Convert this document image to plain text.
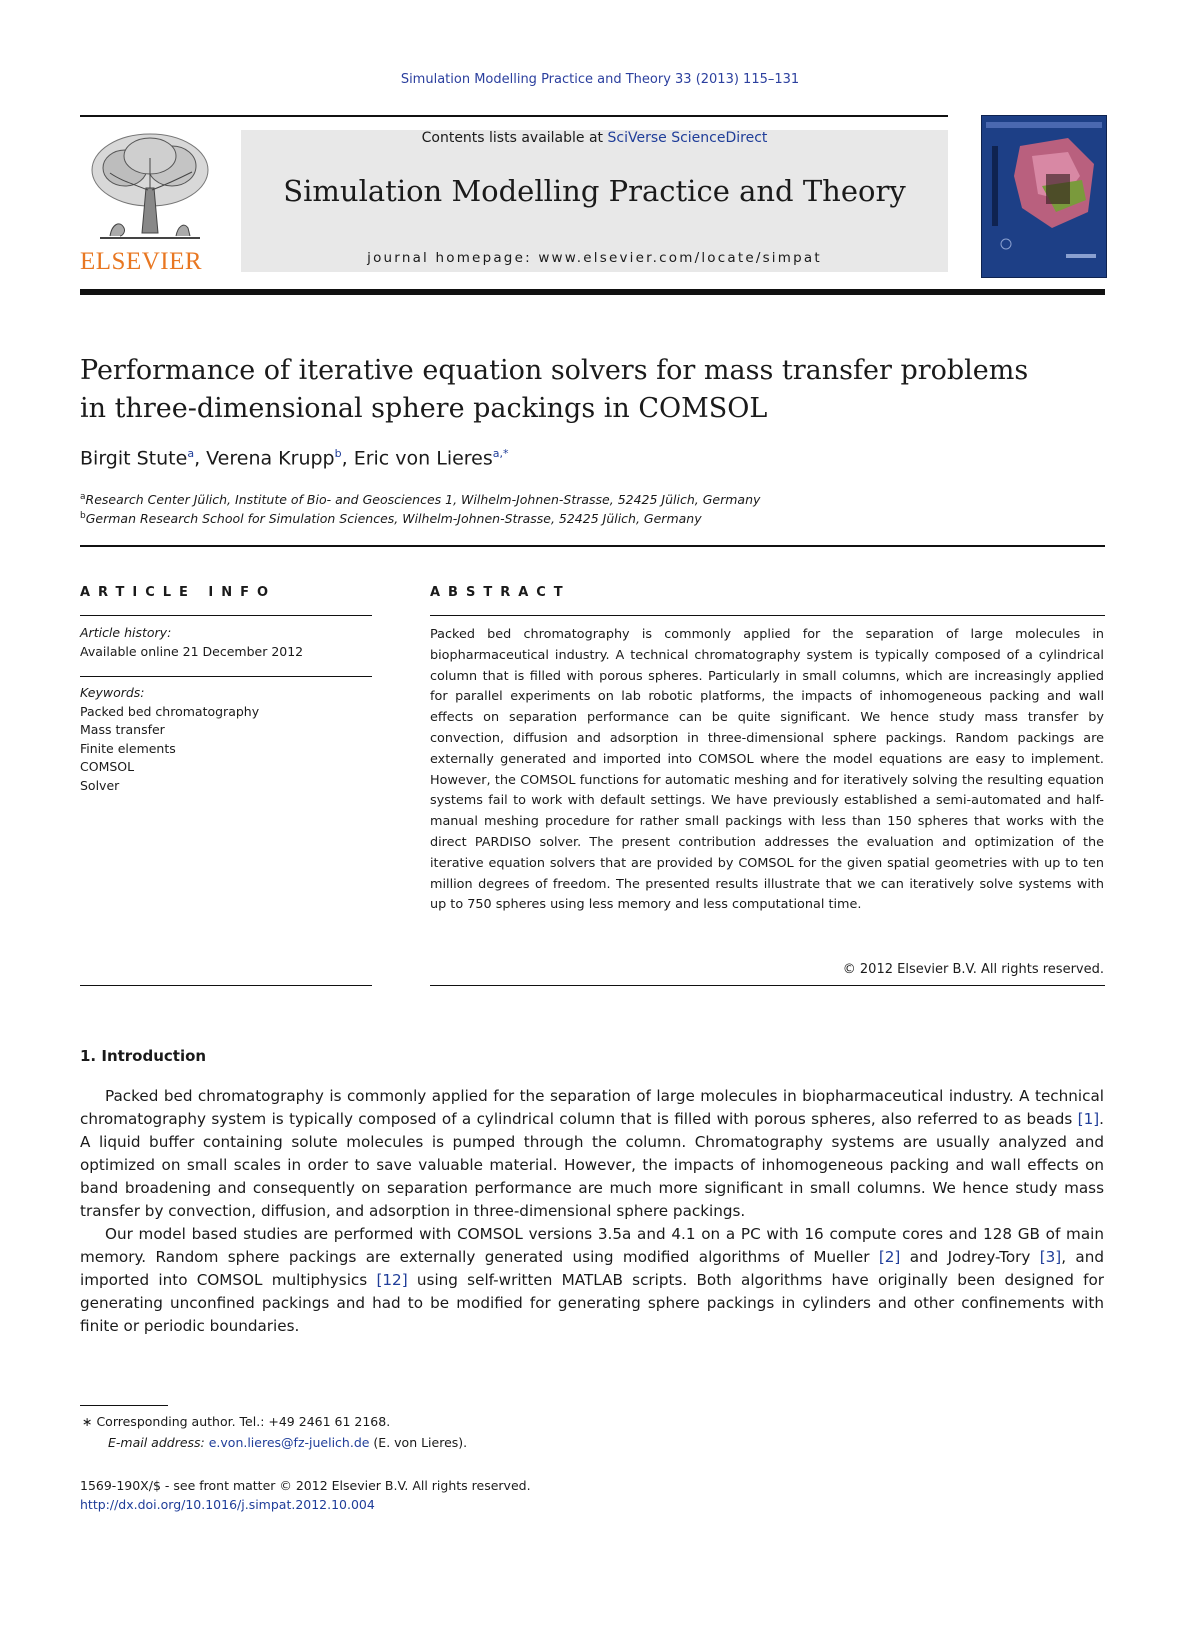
Simulation Modelling Practice and Theory 33 (2013) 115–131
ELSEVIER
Contents lists available at SciVerse ScienceDirect
Simulation Modelling Practice and Theory
journal homepage: www.elsevier.com/locate/simpat
Performance of iterative equation solvers for mass transfer problems
in three-dimensional sphere packings in COMSOL
Birgit Stute$^a$, Verena Krupp$^b$, Eric von Lieres$^{a,*}$
$^a$Research Center Jülich, Institute of Bio- and Geosciences 1, Wilhelm-Johnen-Strasse, 52425 Jülich, Germany
$^b$German Research School for Simulation Sciences, Wilhelm-Johnen-Strasse, 52425 Jülich, Germany
ARTICLE INFO
Article history:
Available online 21 December 2012
Keywords:
Packed bed chromatography
Mass transfer
Finite elements
COMSOL
Solver
ABSTRACT
Packed bed chromatography is commonly applied for the separation of large molecules in biopharmaceutical industry. A technical chromatography system is typically composed of a cylindrical column that is filled with porous spheres. Particularly in small columns, which are increasingly applied for parallel experiments on lab robotic platforms, the impacts of inhomogeneous packing and wall effects on separation performance can be quite significant. We hence study mass transfer by convection, diffusion and adsorption in three-dimensional sphere packings. Random packings are externally generated and imported into COMSOL where the model equations are easy to implement. However, the COMSOL functions for automatic meshing and for iteratively solving the resulting equation systems fail to work with default settings. We have previously established a semi-automated and half-manual meshing procedure for rather small packings with less than 150 spheres that works with the direct PARDISO solver. The present contribution addresses the evaluation and optimization of the iterative equation solvers that are provided by COMSOL for the given spatial geometries with up to ten million degrees of freedom. The presented results illustrate that we can iteratively solve systems with up to 750 spheres using less memory and less computational time.
© 2012 Elsevier B.V. All rights reserved.
1. Introduction

Packed bed chromatography is commonly applied for the separation of large molecules in biopharmaceutical industry. A technical chromatography system is typically composed of a cylindrical column that is filled with porous spheres, also referred to as beads [1]. A liquid buffer containing solute molecules is pumped through the column. Chromatography systems are usually analyzed and optimized on small scales in order to save valuable material. However, the impacts of inhomogeneous packing and wall effects on band broadening and consequently on separation performance are much more significant in small columns. We hence study mass transfer by convection, diffusion, and adsorption in three-dimensional sphere packings.

Our model based studies are performed with COMSOL versions 3.5a and 4.1 on a PC with 16 compute cores and 128 GB of main memory. Random sphere packings are externally generated using modified algorithms of Mueller [2] and Jodrey-Tory [3], and imported into COMSOL multiphysics [12] using self-written MATLAB scripts. Both algorithms have originally been designed for generating unconfined packings and had to be modified for generating sphere packings in cylinders and other confinements with finite or periodic boundaries.

∗ Corresponding author. Tel.: +49 2461 61 2168.
E-mail address: e.von.lieres@fz-juelich.de (E. von Lieres).
1569-190X/$ - see front matter © 2012 Elsevier B.V. All rights reserved.
http://dx.doi.org/10.1016/j.simpat.2012.10.004
